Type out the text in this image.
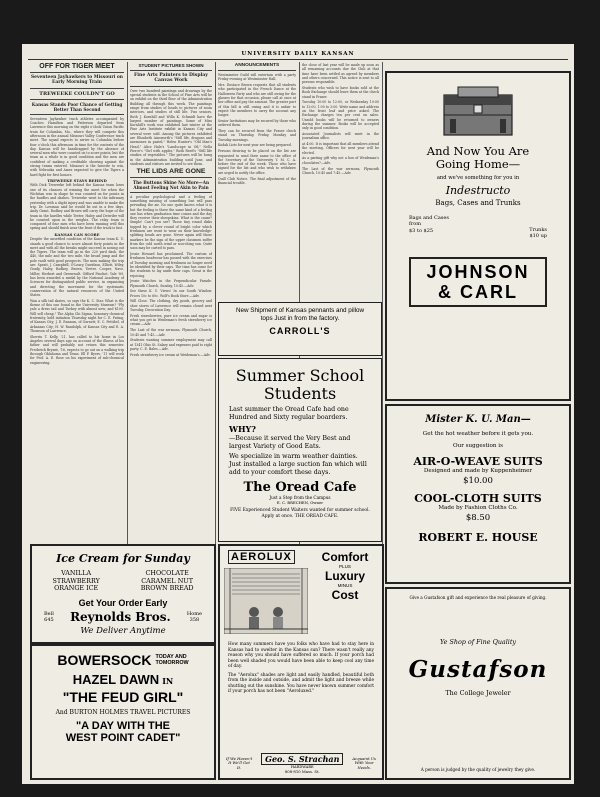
UNIVERSITY DAILY KANSAN
OFF FOR TIGER MEET
Seventeen Jayhawkers to Missouri on Early Morning Train
TREWEEKE COULDN'T GO
Kansas Stands Poor Chance of Getting Better Than Second

Seventeen Jayhawker track athletes accompanied by Coaches Hamilton and Patterson departed from Lawrence this morning on the eight o'clock Union Pacific train for Columbia, Mo., where they will compete this afternoon in the annual Missouri Valley Conference track meet. The squad expects to arrive in Columbia before four o'clock this afternoon in time for the contests of the day. Kansas will be handicapped by the absence of several men who were counted on to score points, but the team as a whole is in good condition and the men are confident of making a creditable showing against the strong teams entered. Missouri is the favorite to win, with Nebraska and Ames expected to give the Tigers a hard fight for first honors.

TREWEEKE STAYS BEHIND

With Dick Treweeke left behind the Kansas team loses one of its chances of winning the meet for when the Wichitan was in shape he was counted on for points in the hurdles and dashes. Treweeke went to the infirmary yesterday with a slight injury and was unable to make the trip. Dr. Lowman said he would be out in a few days. Andy Grant, Rodkey and Brown will carry the hope of the team in the hurdles while Teeter, Haley and Detwiler will be counted upon in the weights. The relay team is composed of four men who have been running well this spring and should finish near the front if the track is fast.

KANSAS CAN SCORE

Despite the unsettled condition of the Kansas team K. U. stands a good chance to score almost forty points in the meet and with all the breaks might succeed in nosing out the Tigers. The team will go in the 220 yard dash, the 440, the mile and the two mile, the broad jump and the pole vault with good prospects. The men making the trip are: Spratt, J. Campbell, O'Leary, Davidson, Elliott, Wiley, Grady, Haley, Rodkey, Brown, Teeter, Cooper, Nave, Miller, Herbert and Greenwalt. Gifford Pinchot, Yale '89, has been awarded a medal by the National Academy of Sciences for distinguished public service, in organizing and directing the movement for the systematic conservation of the natural resources of the United States.

Wan a silk tail skates, so says the K. C. Star. What is the theme of this one found in the University Museum? "Fly yale a dress tail and Turkey with almost new; and $100. Will sell cheap." The Alpha Chi Sigma, honorary chemical fraternity, held initiation Thursday night for C. E. Fating, of Kansas City; J. E. Ransom, of Garnett; E. C. Pettibel, of Arkansas City; H. W. Randolph, of Kansas City and E. A. Thomson of Lawrence.

Sherrin T. Kelly, '21, has called to his home in Los Angeles several days ago on account of the illness of his father and will probably not return this semester. Frederick Bryant, '16, expects to go out on a walking trip through Oklahoma and Texas. Ell F. Byers, '11 will work for Prof. A. E. Rose on his experiment of sub-chemical engineering.

STUDENT PICTURES SHOWN
Fine Arts Painters to Display Canvas Work

Over two hundred paintings and drawings by the special students in the School of Fine Arts will be on exhibit on the third floor of the Administration Building all through this week. The paintings range from studies of heads to pictures of room interiors, and studies of still life. Two seniors, Ruth J. Kornhill and Willa K. Schmidt have the largest number of paintings. Some of Miss Kornhill's work was exhibited last winter at the Fine Arts Institute exhibit in Kansas City and several were sold. Among the pictures exhibited are Elizabeth Ainsworth's "Still life, dragons and anemones in pastel," Helen Hunter's "Old Man's Head," Alice Hale's "Landscape in Oil," Nella Pierce's "Girl with apples," Ruth Reed's "Still life studies of vegetables." The pictures will be hung in the Administration building until June, and students and visitors are invited to see them.

THE LIDS ARE GONE
The Buttons Shine No More—An Almost Feeling Not Akin to Pain

A peculiar psychological and a feeling of something missing of something lost will pass pervading the air. No one quite knows what it is but the feeling is there the same kind of a feeling one has when graduation time comes and the day they receive their sheepskins. What is the cause? Simple! Can't you see? Those tiny round disks topped by a clever round of bright color which freshmen are wont to wear on their knowledge-splitting heads are gone. Never again will those markers be the sign of the upper classmen suffer from the cold north wind or scorching sun. Quite soon may be carted to pass.

Jessie Howard has proclaimed. The custom of freshmen headwear has passed with the exercises of Tuesday morning and freshmen no longer need be identified by their caps. The time has come for the students to lay aside their caps. Great is the rejoicing.

Jessie Watches in the Perpendicular Parade. Plymouth Church, Sunday, 10:45.—Adv.

See these K. U. Views! In our South Window. Prices 10c to 60c. Wolf's Book Store.—Adv.

Will Close. The clothing, dry goods, grocery and shoe stores of Lawrence will remain closed next Tuesday, Decoration Day.

Fresh strawberries, pure ice cream and sugar is what you get in Weideman's fresh strawberry ice cream.—Adv.

The Last of the war sermons, Plymouth Church, 10:45 and 7:45.—Adv.

Students wanting summer employment may call at 1341 Ohio St. Salary and expenses paid to right party. C. E. Bales.—Adv.

Fresh strawberry ice cream at Weideman's.—Adv.

ANNOUNCEMENTS

Westminster Guild will entertain with a party Friday evening at Westminster Hall.

Mrs. Eustace Brown requests that all students who participated in the French Dance at the Halloween Party and who are still owing for the glasses for that occasion, please call at once at her office and pay the amount. The greater part of this bill is still owing and it is unfair to expect the members to carry the account any longer.

Senior Invitations may be secured by those who ordered them.

They can be secured from the Fraser check stand on Thursday, Friday, Monday and Tuesday mornings.

Kodak Lists for next year are being prepared.

Persons desiring to be placed on the list are requested to send their name to the office of the Secretary of the University Y. M. C. A. before the end of the week. Those who have signed for the list and who wish to withdraw are urged to notify the office.

Quill Club Notice. The final adjustment of the financial trouble.

the close of last year will be made up soon as all remaining accounts due the Club at that time have been settled as agreed by members and others concerned. This notice is sent to all persons responsible.

Students who wish to have books sold at the Book Exchange should leave them at the check stand in Fraser.

Tuesday 10:00 to 12:00, or Wednesday 10:00 to 12:00, 1:00 to 3:00. Write name and address on the front leaf and price asked. The Exchange charges ten per cent on sales. Unsold books will be returned to owners during the summer. Books will be accepted only in good condition.

Associated Journalists will meet in the journalism office.

at 4:00. It is important that all members attend the meeting. Officers for next year will be elected.

As a parting gift why not a box of Weideman's chocolates?—Adv.

The Last of the war sermons, Plymouth Church, 10:45 and 7:45.—Adv.

New Shipment of Kansas pennants and pillow tops Just in from the factory.
CARROLL'S
Summer School
Students
Last summer the Oread Cafe had one Hundred and Sixty regular boarders.
WHY?
—Because it served the Very Best and largest Variety of Good Eats.
We specialize in warm weather dainties. Just installed a large suction fan which will add to your comfort these days.
The Oread Cafe
Just a Step from the Campus
E. C. BRECHEN, Owner
FIVE Experienced Student Waiters wanted for summer school. Apply at once. THE OREAD CAFE.
And Now You Are
Going Home—
and we've something for you in
Indestructo
Bags, Cases and Trunks
Bags and Cases
from
$3 to $25	Trunks
$10 up
JOHNSON
& CARL
Mister K. U. Man—
Get the hot weather before it gets you.
Our suggestion is
AIR-O-WEAVE SUITS
Designed and made by Kuppenheimer
$10.00
COOL-CLOTH SUITS
Made by Fashion Cloths Co.
$8.50
ROBERT E. HOUSE
Ice Cream for Sunday
VANILLA
STRAWBERRY
ORANGE ICE
CHOCOLATE
CARAMEL NUT
BROWN BREAD
Get Your Order Early
Bell
645 Reynolds Bros.	Home
358
We Deliver Anytime
BOWERSOCK TODAY AND
TOMORROW
HAZEL DAWN IN
"THE FEUD GIRL"
And BURTON HOLMES TRAVEL PICTURES
"A DAY WITH THE
WEST POINT CADET"
AEROLUX	Comfort
PLUS
Luxury
MINUS
Cost
How many summers have you folks who have had to stay here in Kansas had to swelter in the Kansas sun? There wasn't really any reason why you should have suffered so much. If your porch had been well shaded you would have been able to keep cool any time of day.
The "Aerolux" shades are light and easily handled, beautiful both from the inside and outside, and admit the light and breeze while shutting out the sunshine. You have never known summer comfort if your porch has not been "Aeroluxed."
If We Haven't
It We'll Get
It.
Geo. S. Strachan
HARDWARE
808-810 Mass. St.
Acquaint Us
With Your
Needs.
Give a Gustafson gift and experience the real pleasure of giving.
Ye Shop of Fine Quality
Gustafson
The College Jeweler
A person is judged by the quality of jewelry they give.
